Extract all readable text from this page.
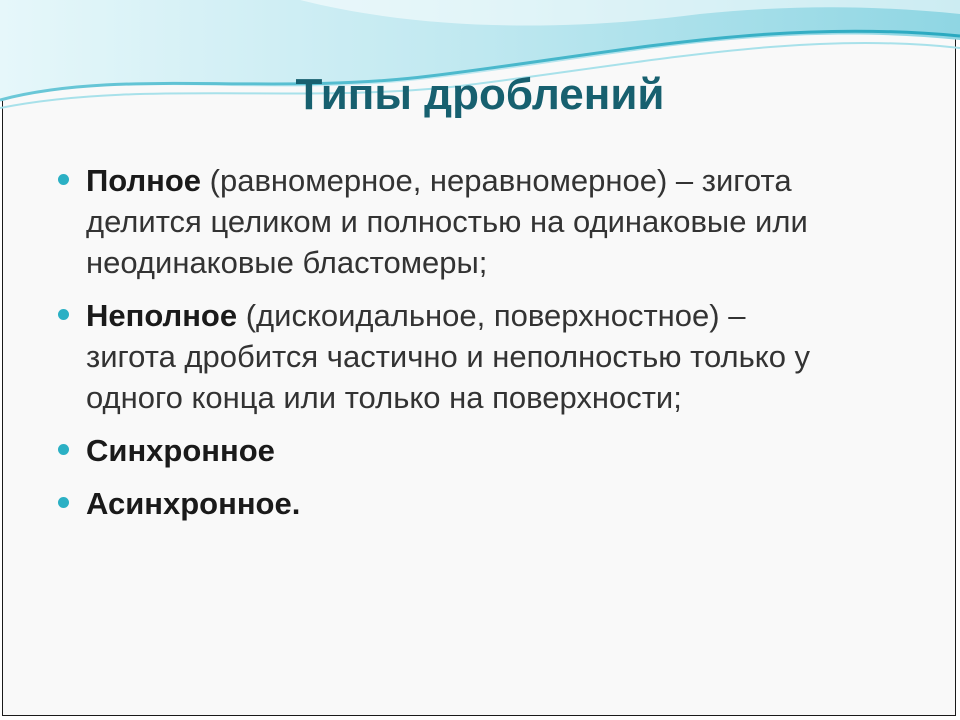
Типы дроблений
Полное (равномерное, неравномерное) – зигота делится целиком и полностью на одинаковые или неодинаковые бластомеры;
Неполное (дискоидальное, поверхностное) – зигота дробится частично и неполностью только у одного конца или только на поверхности;
Синхронное
Асинхронное.
